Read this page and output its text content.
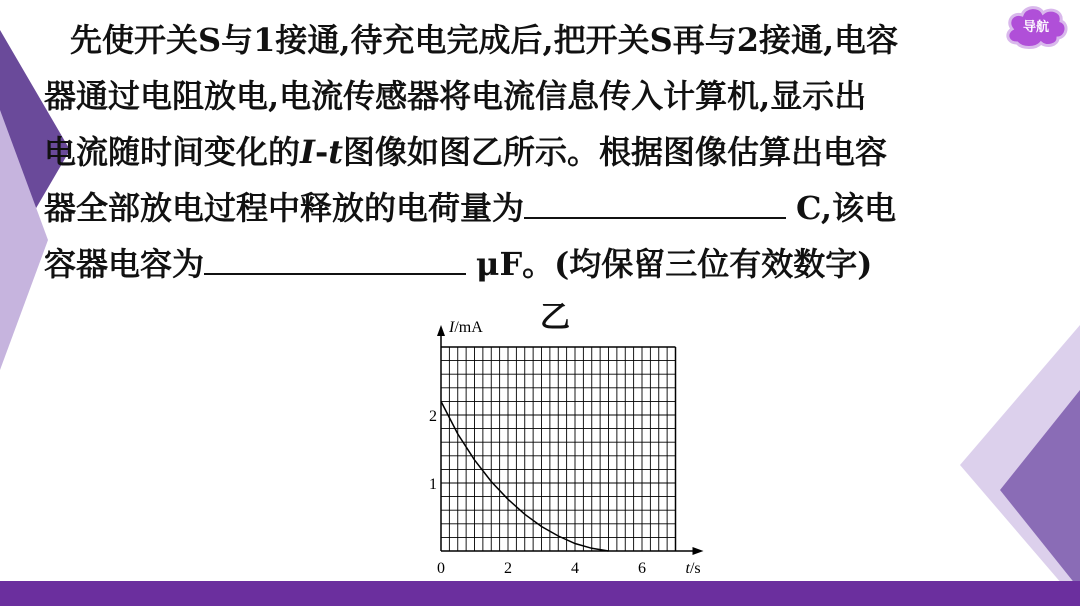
导航
先使开关S与1接通,待充电完成后,把开关S再与2接通,电容
器通过电阻放电,电流传感器将电流信息传入计算机,显示出
电流随时间变化的I-t图像如图乙所示。根据图像估算出电容
器全部放电过程中释放的电荷量为	C,该电
容器电容为	μF。(均保留三位有效数字)
乙
0	2	4	6
1
2
I/mA
t/s
